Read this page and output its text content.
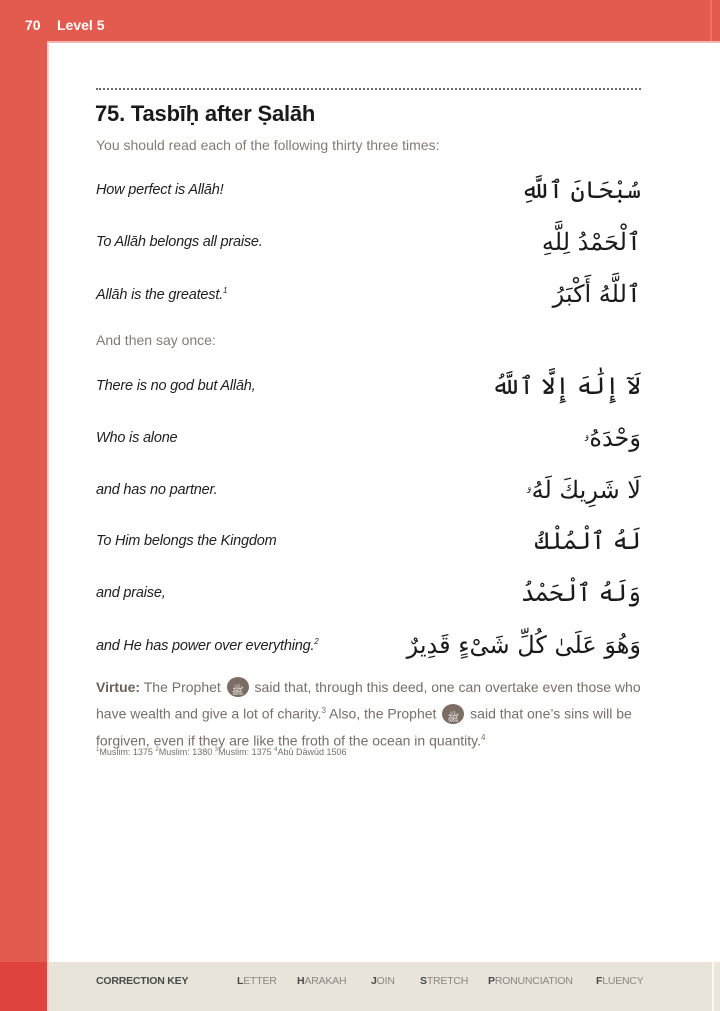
70 Level 5
75. Tasbīḥ after Ṣalāh
You should read each of the following thirty three times:
How perfect is Allāh!	سُبْحَانَ ٱللَّهِ
To Allāh belongs all praise.	ٱلْحَمْدُ لِلَّهِ
Allāh is the greatest.$^1$	ٱللَّهُ أَكْبَرُ
And then say once:
There is no god but Allāh,	لَآ إِلَٰهَ إِلَّا ٱللَّهُ
Who is alone	وَحْدَهُۥ
and has no partner.	لَا شَرِيكَ لَهُۥ
To Him belongs the Kingdom	لَهُ ٱلْمُلْكُ
and praise,	وَلَهُ ٱلْحَمْدُ
and He has power over everything.$^2$	وَهُوَ عَلَىٰ كُلِّ شَىْءٍ قَدِيرٌ
Virtue: The Prophet ﷺ said that, through this deed, one can overtake even those who have wealth and give a lot of charity.$^3$ Also, the Prophet ﷺ said that one’s sins will be forgiven, even if they are like the froth of the ocean in quantity.$^4$
$^1$Muslim: 1375 $^2$Muslim: 1380 $^3$Muslim: 1375 $^4$Abū Dāwūd 1506
CORRECTION KEY	LETTER HARAKAH JOIN STRETCH PRONUNCIATION FLUENCY
